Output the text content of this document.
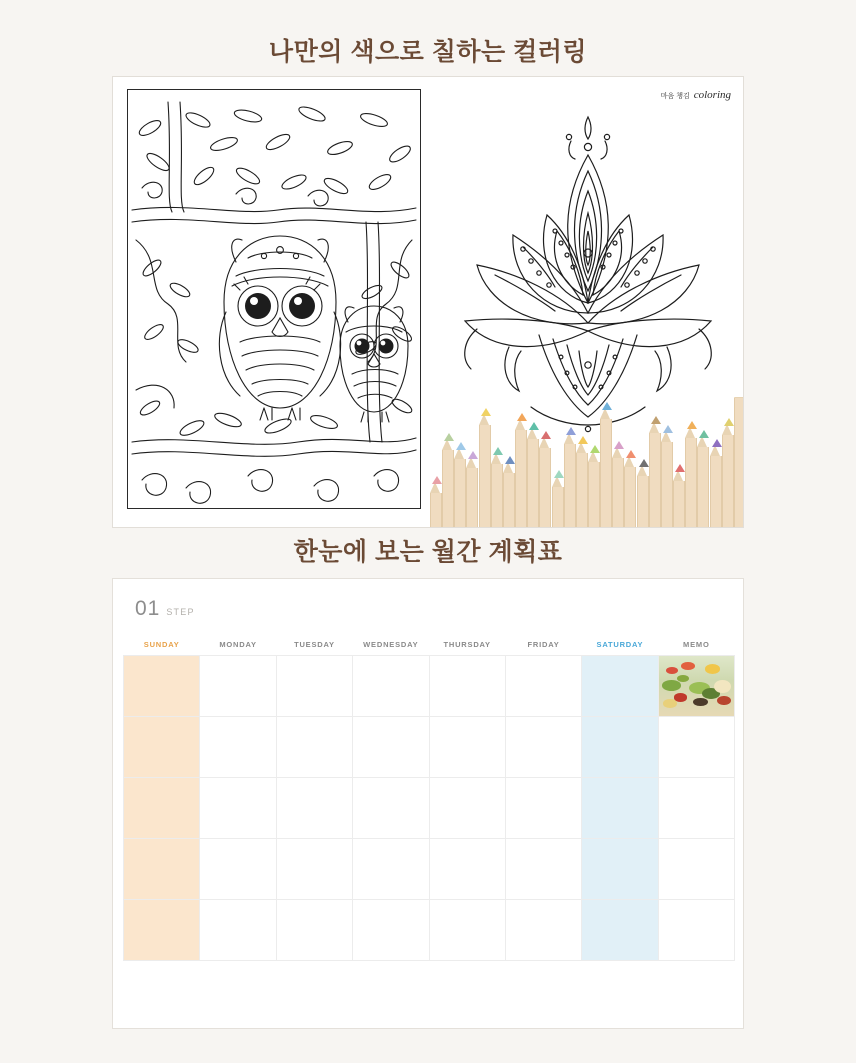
나만의 색으로 칠하는 컬러링
마음 챙김 coloring
한눈에 보는 월간 계획표
01 STEP
SUNDAY	MONDAY	TUESDAY	WEDNESDAY	THURSDAY	FRIDAY	SATURDAY	MEMO
